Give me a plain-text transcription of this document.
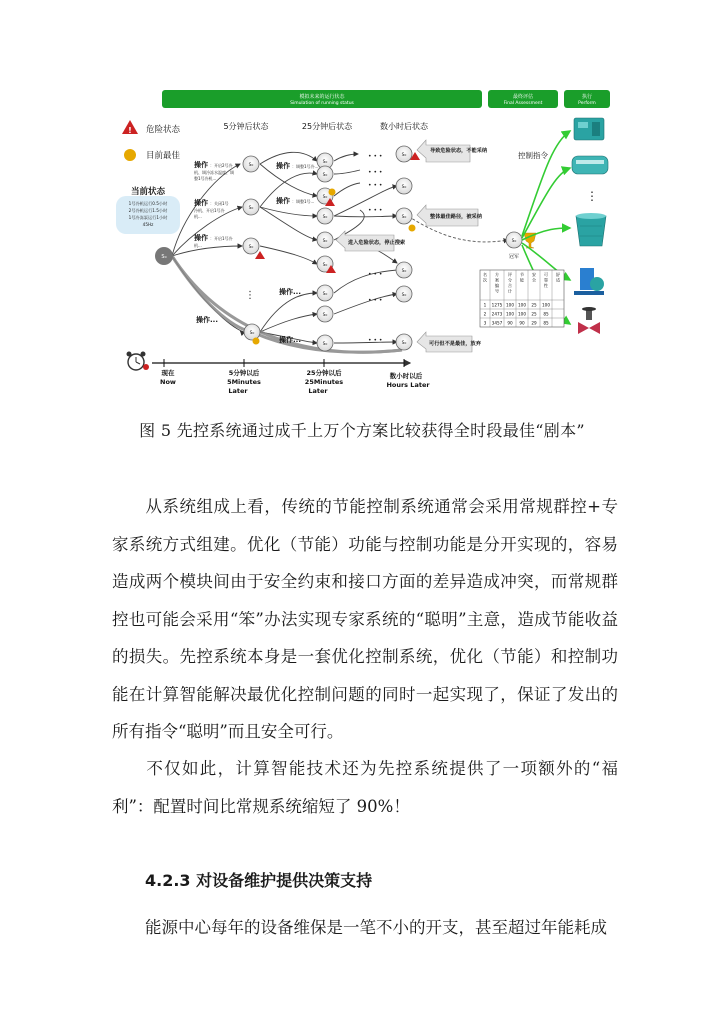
模拟未来的运行状态
Simulation of running status
最终评估
Final Assessment
执行
Perform
! 危险状态
目前最佳
5分钟后状态	25分钟后状态	数小时后状态
当前状态
1号冷机运行0.5小时
2号冷机运行1.5小时
1号冷冻泵运行1小时
45Hz
S₀
S₀
S₀
S₀
S₀
S₀
S₀
S₀
S₀
S₀
S₀
S₀
S₀
S₀
S₀
S₀
S₀
S₀
S₀
S₀
操作 ：开启2号冷
机、调冷冻水温度、调
整1号冷机...
操作 ：关闭1号
冷机、开启1号冷
机...
操作 ：开启1号冷
机...
操作 ：调整1号冷...
操作 ：调整1号...
操作...
操作...
操作...
• • •
• • •
• • •
• • •
• • •
• • •
• • •
⋮
导致危险状态，不能采纳
整体最佳路径，被采纳
进入危险状态，停止搜索
可行但不是最佳，放弃
S₀
冠军
控制指令
⋮
名
次
方
案
编
号
评
分
合
计
节
能
安
全
可
靠
性
舒
适
1 1275 100 100 25 100
2 2473 100 100 25 85
3 3457 90 90 29 85
现在
Now
5分钟以后
5Minutes
Later
25分钟以后
25Minutes
Later
数小时以后
Hours Later
图 5 先控系统通过成千上万个方案比较获得全时段最佳“剧本”

从系统组成上看，传统的节能控制系统通常会采用常规群控+专家系统方式组建。优化（节能）功能与控制功能是分开实现的，容易造成两个模块间由于安全约束和接口方面的差异造成冲突，而常规群控也可能会采用“笨”办法实现专家系统的“聪明”主意，造成节能收益的损失。先控系统本身是一套优化控制系统，优化（节能）和控制功能在计算智能解决最优化控制问题的同时一起实现了，保证了发出的所有指令“聪明”而且安全可行。

不仅如此，计算智能技术还为先控系统提供了一项额外的“福利”：配置时间比常规系统缩短了 90%！

4.2.3 对设备维护提供决策支持

能源中心每年的设备维保是一笔不小的开支，甚至超过年能耗成
